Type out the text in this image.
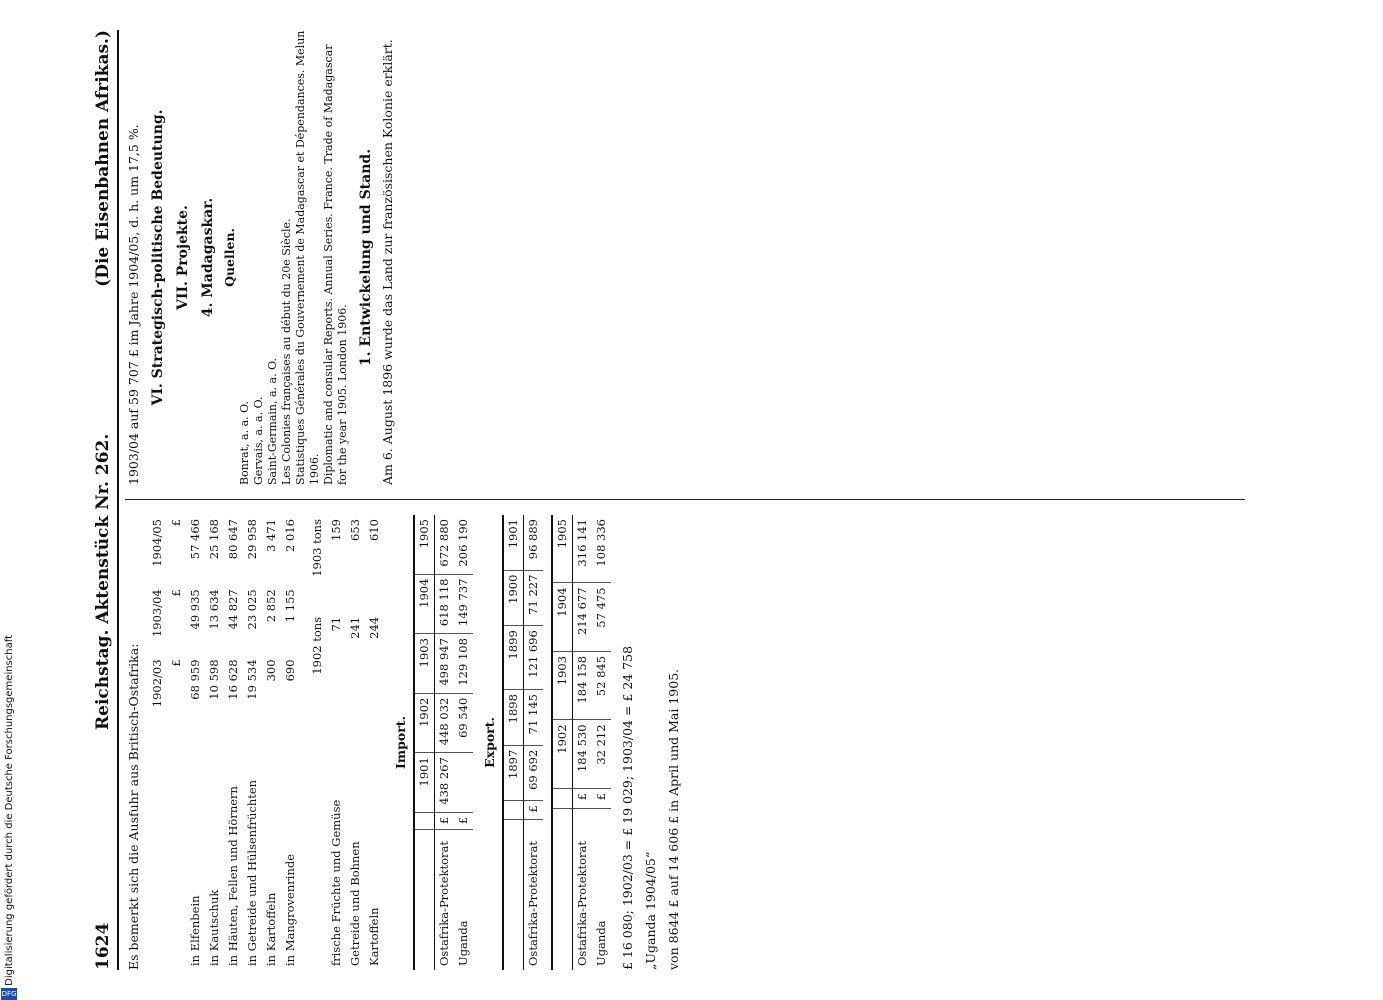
Digitalisierung gefördert durch die Deutsche Forschungsgemeinschaft
DFG
1624
Reichstag. Aktenstück Nr. 262.
(Die Eisenbahnen Afrikas.)

Es bemerkt sich die Ausfuhr aus Britisch-Ostafrika:

	1902/03	1903/04	1904/05
	£	£	£
in Elfenbein	68 959	49 935	57 466
in Kautschuk	10 598	13 634	25 168
in Häuten, Fellen und Hörnern	16 628	44 827	80 647
in Getreide und Hülsenfrüchten	19 534	23 025	29 958
in Kartoffeln	300	2 852	3 471
in Mangrovenrinde	690	1 155	2 016
	1902 tons	1903 tons
frische Früchte und Gemüse	71	159
Getreide und Bohnen	241	653
Kartoffeln	244	610
Import.
		1901	1902	1903	1904	1905
Ostafrika-Protektorat	£	438 267	448 032	498 947	618 118	672 880
Uganda	£		69 540	129 108	149 737	206 190
Export.
		1897	1898	1899	1900	1901
Ostafrika-Protektorat	£	69 692	71 145	121 696	71 227	96 889
		1902	1903	1904	1905
Ostafrika-Protektorat	£	184 530	184 158	214 677	316 141
Uganda	£	32 212	52 845	57 475	108 336

£ 16 080; 1902/03 = £ 19 029; 1903/04 = £ 24 758 „Uganda 1904/05“ von 8644 £ auf 14 606 £ in April und Mai 1905.

1903/04 auf 59 707 £ im Jahre 1904/05, d. h. um 17,5 %. VI. Strategisch-politische Bedeutung. VII. Projekte. 4. Madagaskar. Quellen.
Bonrat, a. a. O. Gervais, a. a. O. Saint-Germain, a. a. O. Les Colonies françaises au début du 20e Siècle. Statistiques Générales du Gouvernement de Madagascar et Dépendances. Melun 1906. Diplomatic and consular Reports. Annual Series. France. Trade of Madagascar for the year 1905. London 1906.
1. Entwickelung und Stand. Am 6. August 1896 wurde das Land zur französischen Kolonie erklärt.
